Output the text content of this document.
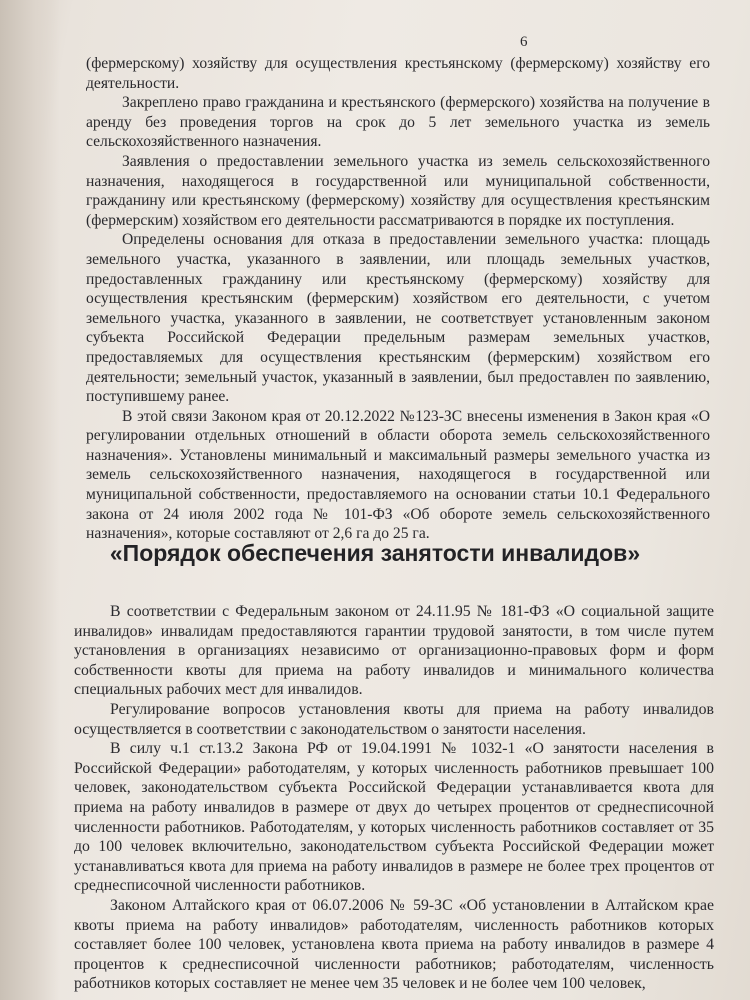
6

(фермерскому) хозяйству для осуществления крестьянскому (фермерскому) хозяйству его деятельности.

Закреплено право гражданина и крестьянского (фермерского) хозяйства на получение в аренду без проведения торгов на срок до 5 лет земельного участка из земель сельскохозяйственного назначения.

Заявления о предоставлении земельного участка из земель сельскохозяйственного назначения, находящегося в государственной или муниципальной собственности, гражданину или крестьянскому (фермерскому) хозяйству для осуществления крестьянским (фермерским) хозяйством его деятельности рассматриваются в порядке их поступления.

Определены основания для отказа в предоставлении земельного участка: площадь земельного участка, указанного в заявлении, или площадь земельных участков, предоставленных гражданину или крестьянскому (фермерскому) хозяйству для осуществления крестьянским (фермерским) хозяйством его деятельности, с учетом земельного участка, указанного в заявлении, не соответствует установленным законом субъекта Российской Федерации предельным размерам земельных участков, предоставляемых для осуществления крестьянским (фермерским) хозяйством его деятельности; земельный участок, указанный в заявлении, был предоставлен по заявлению, поступившему ранее.

В этой связи Законом края от 20.12.2022 №123-ЗС внесены изменения в Закон края «О регулировании отдельных отношений в области оборота земель сельскохозяйственного назначения». Установлены минимальный и максимальный размеры земельного участка из земель сельскохозяйственного назначения, находящегося в государственной или муниципальной собственности, предоставляемого на основании статьи 10.1 Федерального закона от 24 июля 2002 года № 101-ФЗ «Об обороте земель сельскохозяйственного назначения», которые составляют от 2,6 га до 25 га.

«Порядок обеспечения занятости инвалидов»

В соответствии с Федеральным законом от 24.11.95 № 181-ФЗ «О социальной защите инвалидов» инвалидам предоставляются гарантии трудовой занятости, в том числе путем установления в организациях независимо от организационно-правовых форм и форм собственности квоты для приема на работу инвалидов и минимального количества специальных рабочих мест для инвалидов.

Регулирование вопросов установления квоты для приема на работу инвалидов осуществляется в соответствии с законодательством о занятости населения.

В силу ч.1 ст.13.2 Закона РФ от 19.04.1991 № 1032-1 «О занятости населения в Российской Федерации» работодателям, у которых численность работников превышает 100 человек, законодательством субъекта Российской Федерации устанавливается квота для приема на работу инвалидов в размере от двух до четырех процентов от среднесписочной численности работников. Работодателям, у которых численность работников составляет от 35 до 100 человек включительно, законодательством субъекта Российской Федерации может устанавливаться квота для приема на работу инвалидов в размере не более трех процентов от среднесписочной численности работников.

Законом Алтайского края от 06.07.2006 № 59-ЗС «Об установлении в Алтайском крае квоты приема на работу инвалидов» работодателям, численность работников которых составляет более 100 человек, установлена квота приема на работу инвалидов в размере 4 процентов к среднесписочной численности работников; работодателям, численность работников которых составляет не менее чем 35 человек и не более чем 100 человек,
